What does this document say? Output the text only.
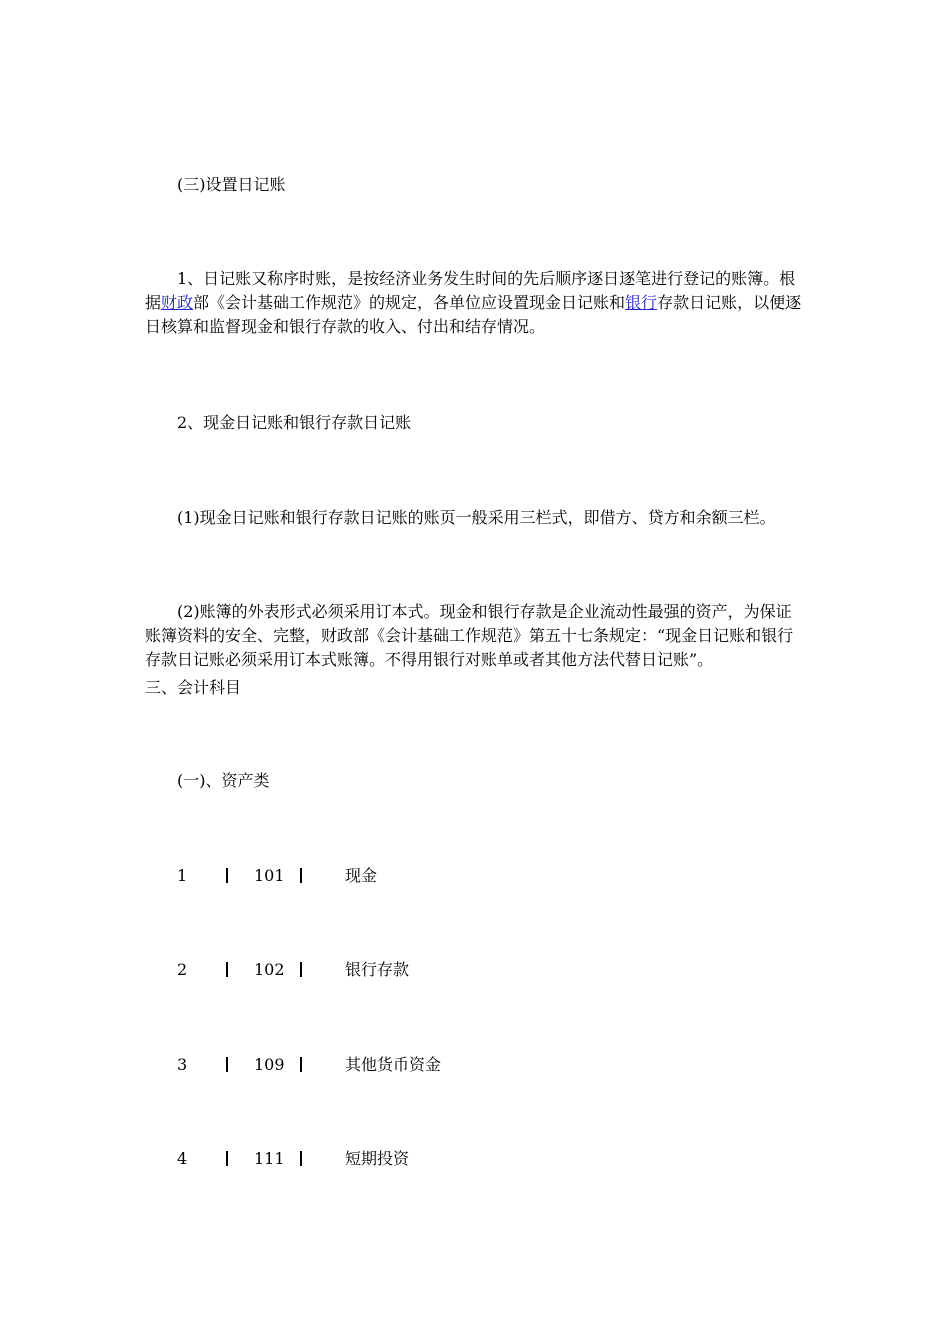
(三)设置日记账

1、日记账又称序时账，是按经济业务发生时间的先后顺序逐日逐笔进行登记的账簿。根据财政部《会计基础工作规范》的规定，各单位应设置现金日记账和银行存款日记账，以便逐日核算和监督现金和银行存款的收入、付出和结存情况。

2、现金日记账和银行存款日记账

(1)现金日记账和银行存款日记账的账页一般采用三栏式，即借方、贷方和余额三栏。

(2)账簿的外表形式必须采用订本式。现金和银行存款是企业流动性最强的资产，为保证账簿资料的安全、完整，财政部《会计基础工作规范》第五十七条规定：“现金日记账和银行存款日记账必须采用订本式账簿。不得用银行对账单或者其他方法代替日记账”。

三、会计科目

(一)、资产类

1	101	现金
2	102	银行存款
3	109	其他货币资金
4	111	短期投资
